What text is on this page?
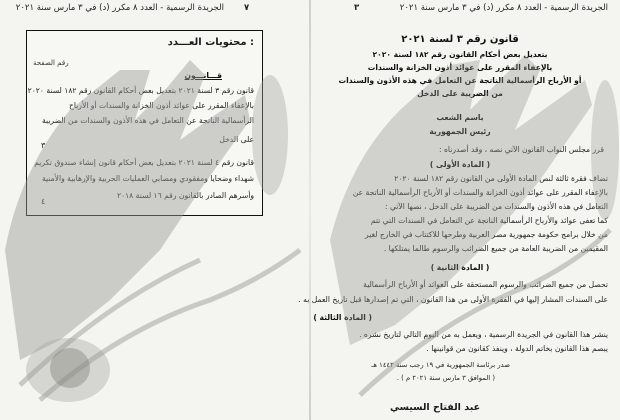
٧
الجريدة الرسمية - العدد ٨ مكرر (د) في ٣ مارس سنة ٢٠٢١	٣	الجريدة الرسمية - العدد ٨ مكرر (د) في ٣ مارس سنة ٢٠٢١
محتويات العـــدد :
رقم الصفحة
قـــانـــون
قانون رقم ٣ لسنة ٢٠٢١ بتعديل بعض أحكام القانون رقم ١٨٢ لسنة ٢٠٢٠
بالإعفاء المقرر على عوائد أذون الخزانة والسندات أو الأرباح
الرأسمالية الناتجة عن التعامل في هذه الأذون والسندات من الضريبة
على الدخل
٣
قانون رقم ٤ لسنة ٢٠٢١ بتعديل بعض أحكام قانون إنشاء صندوق تكريم
شهداء وضحايا ومفقودي ومصابي العمليات الحربية والإرهابية والأمنية
وأسرهم الصادر بالقانون رقم ١٦ لسنة ٢٠١٨
٤
قانون رقم ٣ لسنة ٢٠٢١
بتعديل بعض أحكام القانون رقم ١٨٢ لسنة ٢٠٢٠
بالإعفاء المقرر على عوائد أذون الخزانة والسندات
أو الأرباح الرأسمالية الناتجة عن التعامل في هذه الأذون والسندات
من الضريبة على الدخل
باسم الشعب
رئيس الجمهورية
قرر مجلس النواب القانون الآتي نصه ، وقد أصدرناه :
( المادة الأولى )
تضاف فقرة ثالثة لنص المادة الأولى من القانون رقم ١٨٢ لسنة ٢٠٢٠
بالإعفاء المقرر على عوائد أذون الخزانة والسندات أو الأرباح الرأسمالية الناتجة عن
التعامل في هذه الأذون والسندات من الضريبة على الدخل ، نصها الآتي :
كما تعفى عوائد والأرباح الرأسمالية الناتجة عن التعامل في السندات التي تتم
من خلال برامج حكومة جمهورية مصر العربية وطرحها للاكتتاب في الخارج لغير
المقيمين من الضريبة العامة من جميع الضرائب والرسوم طالما يمتلكها .
( المادة الثانية )
تحصل من جميع الضرائب والرسوم المستحقة على العوائد أو الأرباح الرأسمالية
على السندات المشار إليها في الفقرة الأولى من هذا القانون ، التي تم إصدارها قبل تاريخ العمل به .
( المادة الثالثة )
ينشر هذا القانون في الجريدة الرسمية ، ويعمل به من اليوم التالي لتاريخ نشره .
يبصم هذا القانون بخاتم الدولة ، وينفذ كقانون من قوانينها .
صدر برئاسة الجمهورية في ١٩ رجب سنة ١٤٤٢ هـ
( الموافق ٣ مارس سنة ٢٠٢١ م ) .
عبد الفتاح السيسي
